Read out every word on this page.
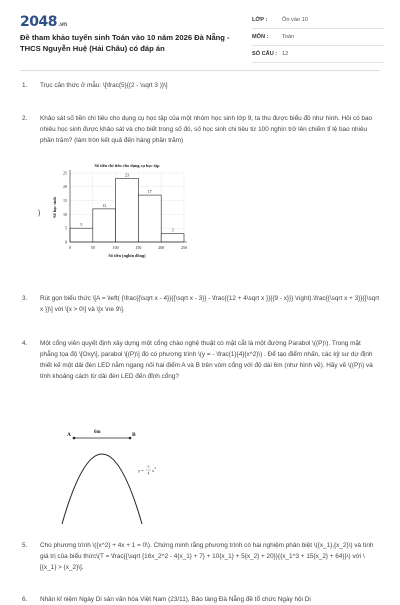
2048.vn
Đề tham khảo tuyển sinh Toán vào 10 năm 2026 Đà Nẵng - THCS Nguyễn Huệ (Hải Châu) có đáp án
LỚP :	Ôn vào 10
MÔN :	Toán
SỐ CÂU : 12
1. Trục căn thức ở mẫu: \[\frac{5}{(2 - \sqrt 3 )}\]
2. Khảo sát số tiền chi tiêu cho dụng cụ học tập của một nhóm học sinh lớp 9, ta thu được biểu đồ như hình. Hỏi có bao nhiêu học sinh được khảo sát và cho biết trong số đó, số học sinh chi tiêu từ 100 nghìn trở lên chiếm tỉ lệ bao nhiêu phần trăm? (làm tròn kết quả đến hàng phần trăm)
)
Số tiền chi tiêu cho dụng cụ học tập
0
5
10
15
20
25
0	50	100	150	200	250
5
12
23
17
3
Số tiền (nghìn đồng)
Số học sinh
3. Rút gọn biểu thức \[A = \left( {\frac{{\sqrt x - 4}}{{\sqrt x - 3}} - \frac{{12 + 4\sqrt x }}{{9 - x}}} \right).\frac{{\sqrt x + 3}}{{\sqrt x }}\] với \[x > 0\] và \[x \ne 9\].
4. Một cổng viên quyết định xây dựng một cổng chào nghệ thuật có mặt cắt là một đường Parabol \((P)\). Trong mặt phẳng tọa độ \[Oxy\], parabol \[(P)\] đó có phương trình \(y = - \frac{1}{4}{x^2}\) . Để tạo điểm nhấn, các kỹ sư dự định thiết kế một dải đèn LED nằm ngang nối hai điểm A và B trên vòm cổng với độ dài 6m (như hình vẽ). Hãy vẽ \((P)\) và tính khoảng cách từ dải đèn LED đến đỉnh cổng?
A	B
6m
y =
−1
4
x 2
5. Cho phương trình \({x^2} + 4x + 1 = 0\). Chứng minh rằng phương trình có hai nghiệm phân biệt \({x_1},{x_2}\) và tính giá trị của biểu thức\(T = \frac{{\sqrt {16x_2^2 - 4{x_1} + 7} + 10{x_1} + 5{x_2} + 20}}{{x_1^3 + 15{x_2} + 64}}\) với \[{x_1} > {x_2}\].
6. Nhân kỉ niệm Ngày Di sản văn hóa Việt Nam (23/11), Bảo tàng Đà Nẵng đề tổ chức Ngày hội Di
